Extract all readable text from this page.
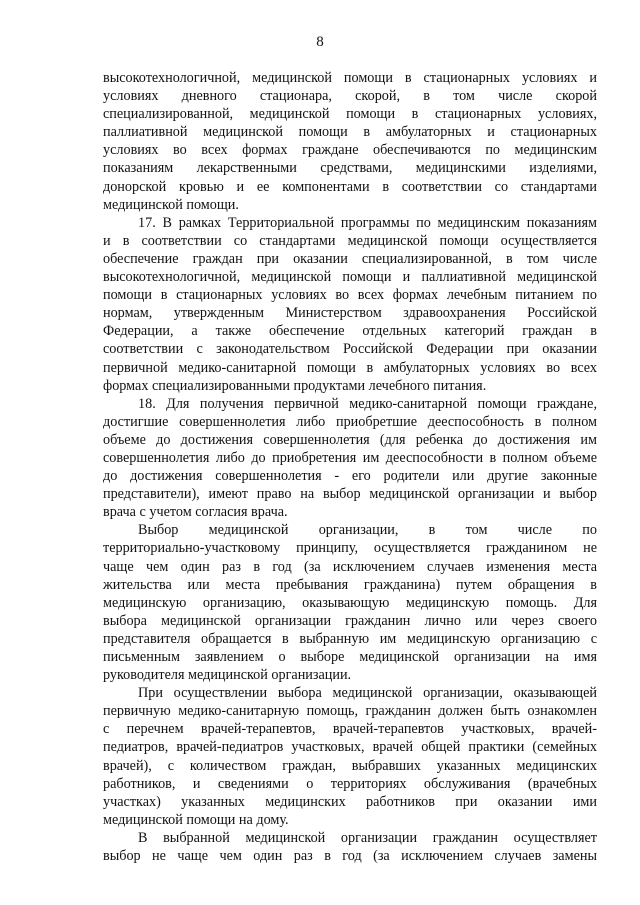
8
высокотехнологичной, медицинской помощи в стационарных условиях и
условиях дневного стационара, скорой, в том числе скорой
специализированной, медицинской помощи в стационарных условиях,
паллиативной медицинской помощи в амбулаторных и стационарных
условиях во всех формах граждане обеспечиваются по медицинским
показаниям лекарственными средствами, медицинскими изделиями,
донорской кровью и ее компонентами в соответствии со стандартами
медицинской помощи.
17. В рамках Территориальной программы по медицинским показаниям
и в соответствии со стандартами медицинской помощи осуществляется
обеспечение граждан при оказании специализированной, в том числе
высокотехнологичной, медицинской помощи и паллиативной медицинской
помощи в стационарных условиях во всех формах лечебным питанием по
нормам, утвержденным Министерством здравоохранения Российской
Федерации, а также обеспечение отдельных категорий граждан в
соответствии с законодательством Российской Федерации при оказании
первичной медико-санитарной помощи в амбулаторных условиях во всех
формах специализированными продуктами лечебного питания.
18. Для получения первичной медико-санитарной помощи граждане,
достигшие совершеннолетия либо приобретшие дееспособность в полном
объеме до достижения совершеннолетия (для ребенка до достижения им
совершеннолетия либо до приобретения им дееспособности в полном объеме
до достижения совершеннолетия - его родители или другие законные
представители), имеют право на выбор медицинской организации и выбор
врача с учетом согласия врача.
Выбор медицинской организации, в том числе по
территориально-участковому принципу, осуществляется гражданином не
чаще чем один раз в год (за исключением случаев изменения места
жительства или места пребывания гражданина) путем обращения в
медицинскую организацию, оказывающую медицинскую помощь. Для
выбора медицинской организации гражданин лично или через своего
представителя обращается в выбранную им медицинскую организацию с
письменным заявлением о выборе медицинской организации на имя
руководителя медицинской организации.
При осуществлении выбора медицинской организации, оказывающей
первичную медико-санитарную помощь, гражданин должен быть ознакомлен
с перечнем врачей-терапевтов, врачей-терапевтов участковых, врачей-
педиатров, врачей-педиатров участковых, врачей общей практики (семейных
врачей), с количеством граждан, выбравших указанных медицинских
работников, и сведениями о территориях обслуживания (врачебных
участках) указанных медицинских работников при оказании ими
медицинской помощи на дому.
В выбранной медицинской организации гражданин осуществляет
выбор не чаще чем один раз в год (за исключением случаев замены
